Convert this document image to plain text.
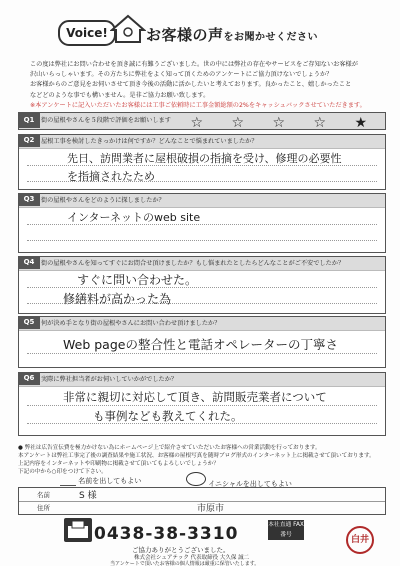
Voice!	お客様の声をお聞かせください
この度は弊社にお問い合わせを頂き誠に有難うございました。世の中には弊社の存在やサービスをご存知ないお客様が
沢山いらっしゃいます。その方たちに弊社をよく知って頂くためのアンケートにご協力頂けないでしょうか？
お客様からのご意見をお伺いさせて頂き今後の活動に活かしたいと考えております。良かったこと、嬉しかったこと
などどのような事でも構いません。是非ご協力お願い致します。
※本アンケートに記入いただいたお客様には工事ご依頼時に工事金額総額の2%をキャッシュバックさせていただきます。
Q1	街の屋根やさんを５段階で評価をお願いします	☆ ☆ ☆ ☆ ★
Q2	屋根工事を検討したきっかけは何ですか？どんなことで悩まれていましたか？
先日、訪問業者に屋根破損の指摘を受け、修理の必要性
を指摘されたため
Q3	街の屋根やさんをどのように探しましたか？
インターネットのweb site
Q4	街の屋根やさんを知ってすぐにお問合せ頂けましたか？もし悩まれたとしたらどんなことがご不安でしたか？
すぐに問い合わせた。
修繕料が高かった為
Q5	何が決め手となり街の屋根やさんにお問い合わせ頂けましたか？
Web pageの整合性と電話オペレーターの丁寧さ
Q6	実際に弊社担当者がお伺いしていかがでしたか？
非常に親切に対応して頂き、訪問販売業者について
も事例なども教えてくれた。
● 弊社は広告宣伝費を極力かけない為にホームページ上で紹介させていただいたお客様への営業活動を行っております。
本アンケートは弊社工事完了後の調査結果や施工状況、お客様の屋根写真を随時ブログ形式のインターネット上に掲載させて頂いております。
上記内容をインターネットや印刷物に掲載させて頂いてもよろしいでしょうか？
下記の中から○印をつけて下さい。
名前を出してもよい	イニシャルを出してもよい
名前	S 様
住所	市原市
0438-38-3310	本社直通 FAX番号	白井
ご協力ありがとうございました。
株式会社シェアテック 代表取締役 大久保 誠二
当アンケートで頂いたお客様の個人情報は厳重に保管いたします。
